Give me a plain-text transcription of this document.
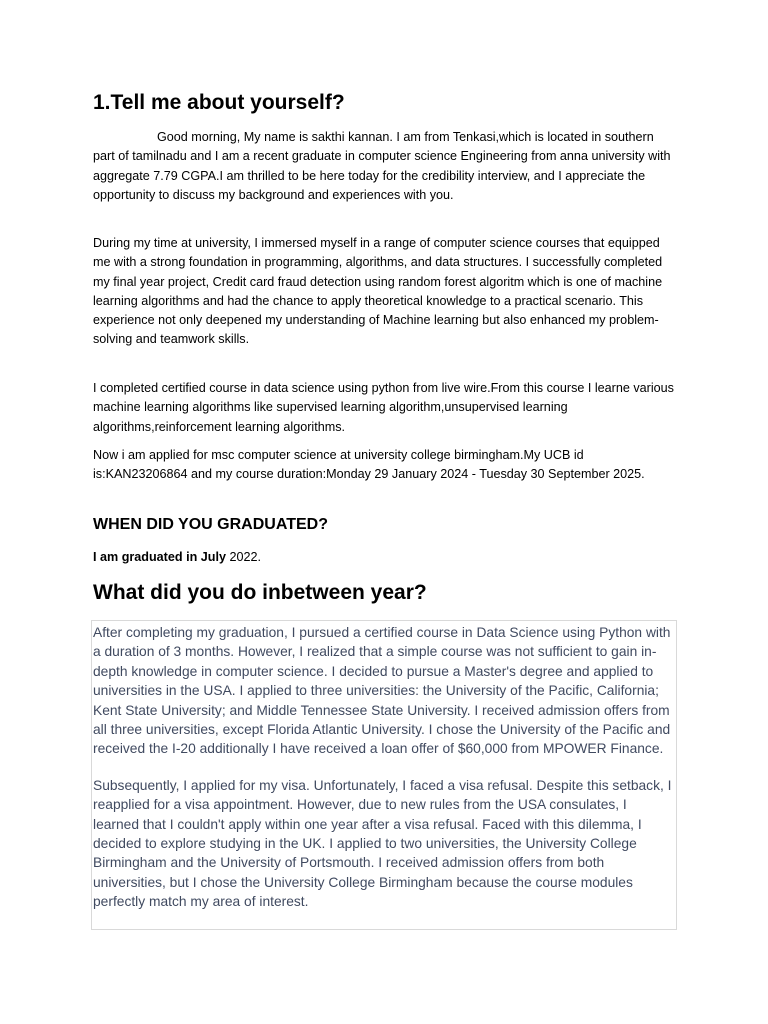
1.Tell me about yourself?

Good morning, My name is sakthi kannan. I am from Tenkasi,which is located in southern part of tamilnadu and I am a recent graduate in computer science Engineering from anna university with aggregate 7.79 CGPA.I am thrilled to be here today for the credibility interview, and I appreciate the opportunity to discuss my background and experiences with you.

During my time at university, I immersed myself in a range of computer science courses that equipped me with a strong foundation in programming, algorithms, and data structures. I successfully completed my final year project, Credit card fraud detection using random forest algoritm which is one of machine learning algorithms and had the chance to apply theoretical knowledge to a practical scenario. This experience not only deepened my understanding of Machine learning but also enhanced my problem-solving and teamwork skills.

I completed certified course in data science using python from live wire.From this course I learne various machine learning algorithms like supervised learning algorithm,unsupervised learning algorithms,reinforcement learning algorithms.

Now i am applied for msc computer science at university college birmingham.My UCB id is:KAN23206864 and my course duration:Monday 29 January 2024 - Tuesday 30 September 2025.

WHEN DID YOU GRADUATED?

I am graduated in July 2022.

What did you do inbetween year?

After completing my graduation, I pursued a certified course in Data Science using Python with a duration of 3 months. However, I realized that a simple course was not sufficient to gain in-depth knowledge in computer science. I decided to pursue a Master's degree and applied to universities in the USA. I applied to three universities: the University of the Pacific, California; Kent State University; and Middle Tennessee State University. I received admission offers from all three universities, except Florida Atlantic University. I chose the University of the Pacific and received the I-20 additionally I have received a loan offer of $60,000 from MPOWER Finance.

Subsequently, I applied for my visa. Unfortunately, I faced a visa refusal. Despite this setback, I reapplied for a visa appointment. However, due to new rules from the USA consulates, I learned that I couldn't apply within one year after a visa refusal. Faced with this dilemma, I decided to explore studying in the UK. I applied to two universities, the University College Birmingham and the University of Portsmouth. I received admission offers from both universities, but I chose the University College Birmingham because the course modules perfectly match my area of interest.
